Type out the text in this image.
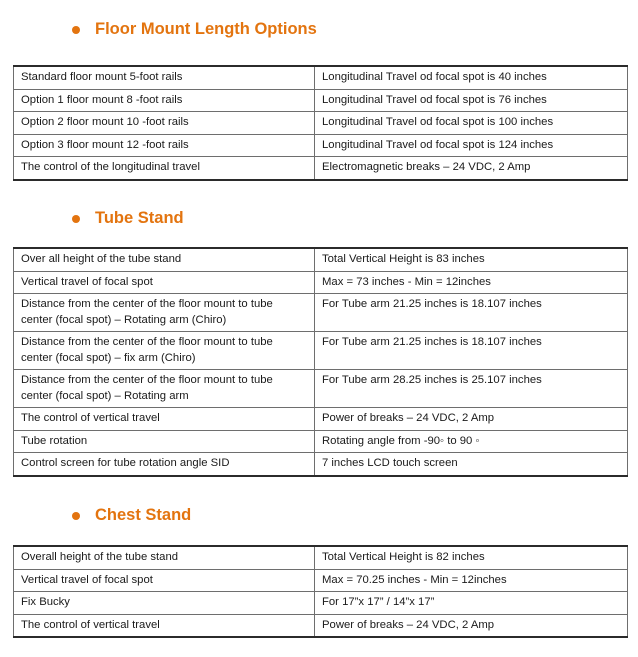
Floor Mount Length Options
Standard floor mount 5-foot rails	Longitudinal Travel od focal spot is 40 inches
Option 1 floor mount 8 -foot rails	Longitudinal Travel od focal spot is 76 inches
Option 2 floor mount 10 -foot rails	Longitudinal Travel od focal spot is 100 inches
Option 3 floor mount 12 -foot rails	Longitudinal Travel od focal spot is 124 inches
The control of the longitudinal travel	Electromagnetic breaks – 24 VDC, 2 Amp
Tube Stand
Over all height of the tube stand	Total Vertical Height is 83 inches
Vertical travel of focal spot	Max = 73 inches - Min = 12inches
Distance from the center of the floor mount to tube center (focal spot) – Rotating arm (Chiro)	For Tube arm 21.25 inches is 18.107 inches
Distance from the center of the floor mount to tube center (focal spot) – fix arm (Chiro)	For Tube arm 21.25 inches is 18.107 inches
Distance from the center of the floor mount to tube center (focal spot) – Rotating arm	For Tube arm 28.25 inches is 25.107 inches
The control of vertical travel	Power of breaks – 24 VDC, 2 Amp
Tube rotation	Rotating angle from -90◦ to 90 ◦
Control screen for tube rotation angle SID	7 inches LCD touch screen
Chest Stand
Overall height of the tube stand	Total Vertical Height is 82 inches
Vertical travel of focal spot	Max = 70.25 inches - Min = 12inches
Fix Bucky	For 17”x 17” / 14”x 17”
The control of vertical travel	Power of breaks – 24 VDC, 2 Amp
